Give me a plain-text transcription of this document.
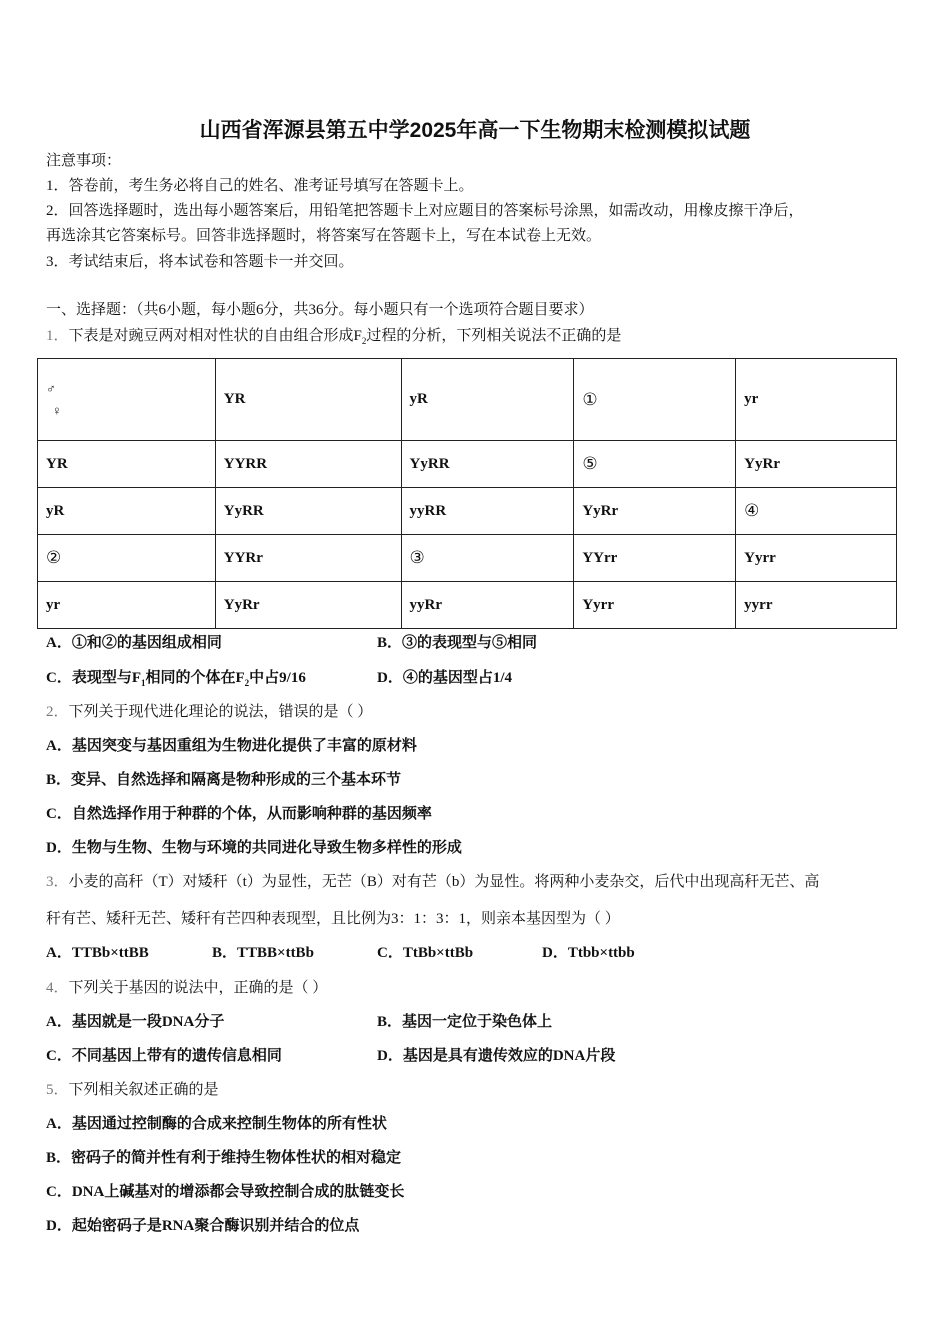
山西省浑源县第五中学2025年高一下生物期末检测模拟试题
注意事项：
1．答卷前，考生务必将自己的姓名、准考证号填写在答题卡上。
2．回答选择题时，选出每小题答案后，用铅笔把答题卡上对应题目的答案标号涂黑，如需改动，用橡皮擦干净后，
再选涂其它答案标号。回答非选择题时，将答案写在答题卡上，写在本试卷上无效。
3．考试结束后，将本试卷和答题卡一并交回。
一、选择题：（共6小题，每小题6分，共36分。每小题只有一个选项符合题目要求）
1．下表是对豌豆两对相对性状的自由组合形成$F_2$过程的分析，下列相关说法不正确的是
♂
♀	YR	yR	①	yr
YR	YYRR	YyRR	⑤	YyRr
yR	YyRR	yyRR	YyRr	④
②	YYRr	③	YYrr	Yyrr
yr	YyRr	yyRr	Yyrr	yyrr
A．①和②的基因组成相同	B．③的表现型与⑤相同
C．表现型与$F_1$相同的个体在$F_2$中占9/16	D．④的基因型占1/4
2．下列关于现代进化理论的说法，错误的是（ ）
A．基因突变与基因重组为生物进化提供了丰富的原材料
B．变异、自然选择和隔离是物种形成的三个基本环节
C．自然选择作用于种群的个体，从而影响种群的基因频率
D．生物与生物、生物与环境的共同进化导致生物多样性的形成
3．小麦的高秆（T）对矮秆（t）为显性，无芒（B）对有芒（b）为显性。将两种小麦杂交，后代中出现高秆无芒、高
秆有芒、矮秆无芒、矮秆有芒四种表现型，且比例为3：1：3：1，则亲本基因型为（ ）
A．TTBb×ttBB	B．TTBB×ttBb	C．TtBb×ttBb	D．Ttbb×ttbb
4．下列关于基因的说法中，正确的是（ ）
A．基因就是一段DNA分子	B．基因一定位于染色体上
C．不同基因上带有的遗传信息相同	D．基因是具有遗传效应的DNA片段
5．下列相关叙述正确的是
A．基因通过控制酶的合成来控制生物体的所有性状
B．密码子的简并性有利于维持生物体性状的相对稳定
C．DNA上碱基对的增添都会导致控制合成的肽链变长
D．起始密码子是RNA聚合酶识别并结合的位点
